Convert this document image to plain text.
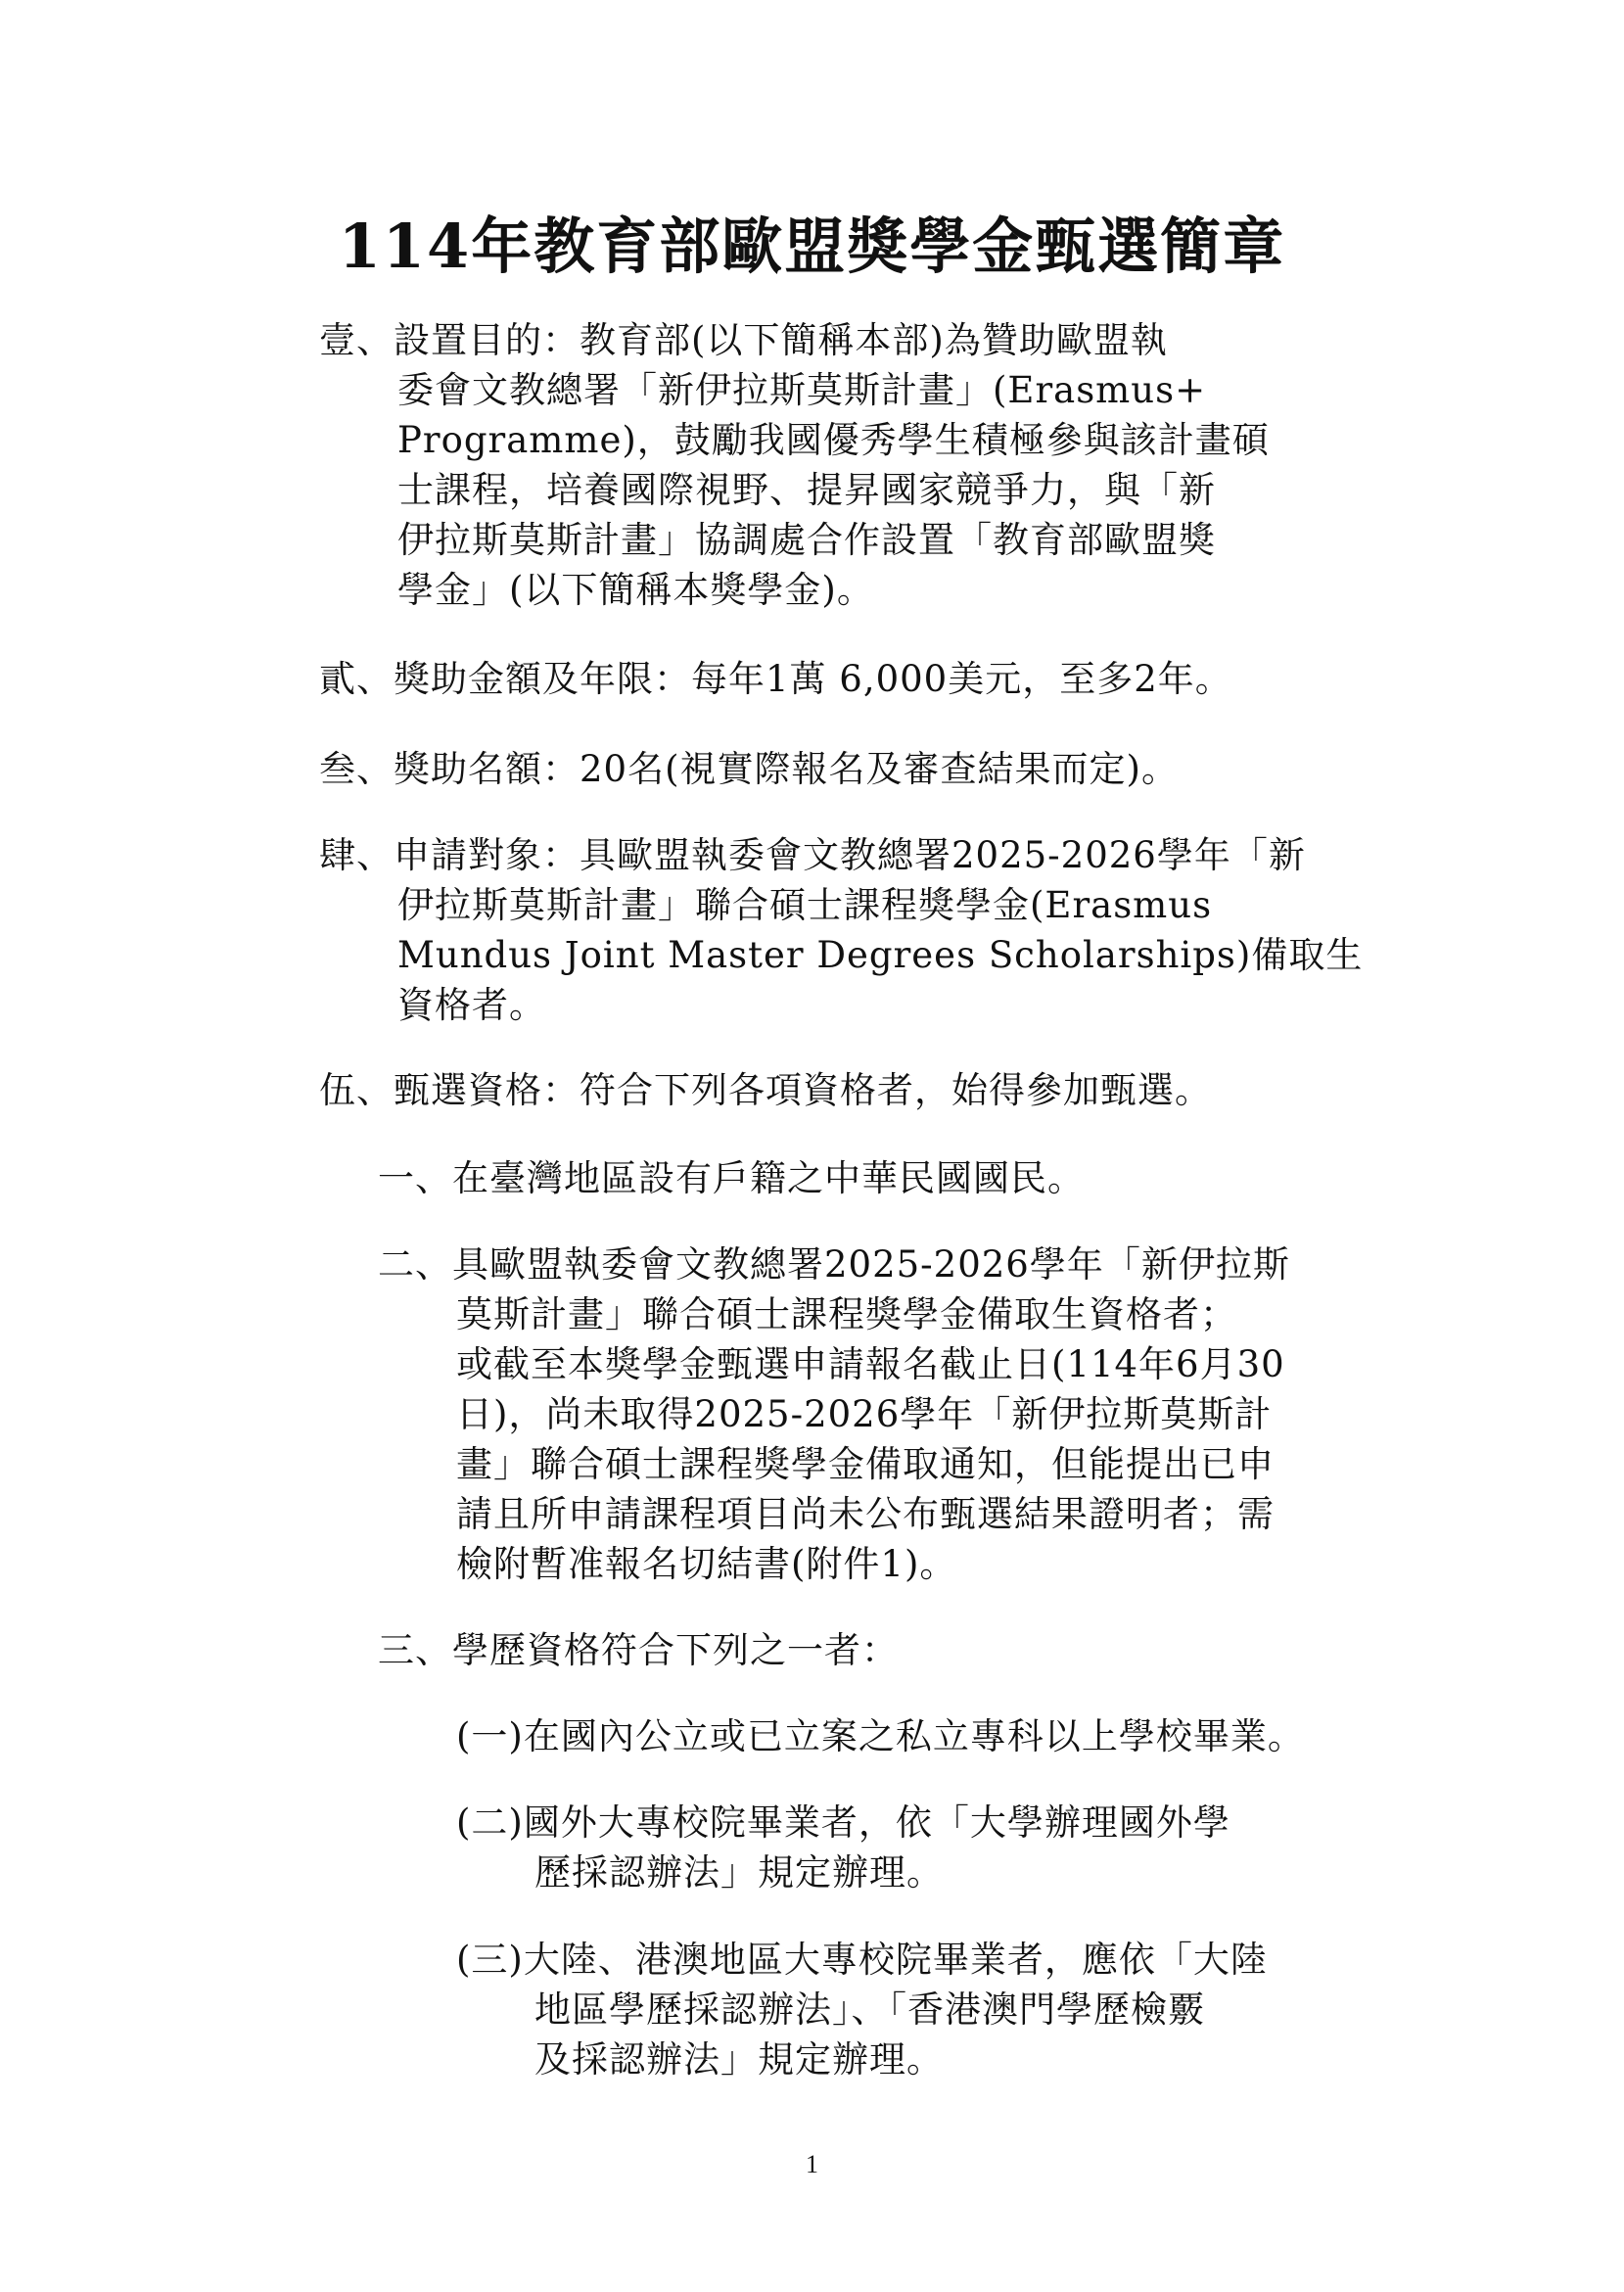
114年教育部歐盟獎學金甄選簡章
壹、設置目的：教育部(以下簡稱本部)為贊助歐盟執
委會文教總署「新伊拉斯莫斯計畫」(Erasmus+
Programme)，鼓勵我國優秀學生積極參與該計畫碩
士課程，培養國際視野、提昇國家競爭力，與「新
伊拉斯莫斯計畫」協調處合作設置「教育部歐盟獎
學金」(以下簡稱本獎學金)。
貳、獎助金額及年限：每年1萬 6,000美元，至多2年。
叁、獎助名額：20名(視實際報名及審查結果而定)。
肆、申請對象：具歐盟執委會文教總署2025-2026學年「新
伊拉斯莫斯計畫」聯合碩士課程獎學金(Erasmus
Mundus Joint Master Degrees Scholarships)備取生
資格者。
伍、甄選資格：符合下列各項資格者，始得參加甄選。
一、在臺灣地區設有戶籍之中華民國國民。
二、具歐盟執委會文教總署2025-2026學年「新伊拉斯
莫斯計畫」聯合碩士課程獎學金備取生資格者；
或截至本獎學金甄選申請報名截止日(114年6月30
日)，尚未取得2025-2026學年「新伊拉斯莫斯計
畫」聯合碩士課程獎學金備取通知，但能提出已申
請且所申請課程項目尚未公布甄選結果證明者；需
檢附暫准報名切結書(附件1)。
三、學歷資格符合下列之一者：
(一)在國內公立或已立案之私立專科以上學校畢業。
(二)國外大專校院畢業者，依「大學辦理國外學
歷採認辦法」規定辦理。
(三)大陸、港澳地區大專校院畢業者，應依「大陸
地區學歷採認辦法」、「香港澳門學歷檢覈
及採認辦法」規定辦理。
1
